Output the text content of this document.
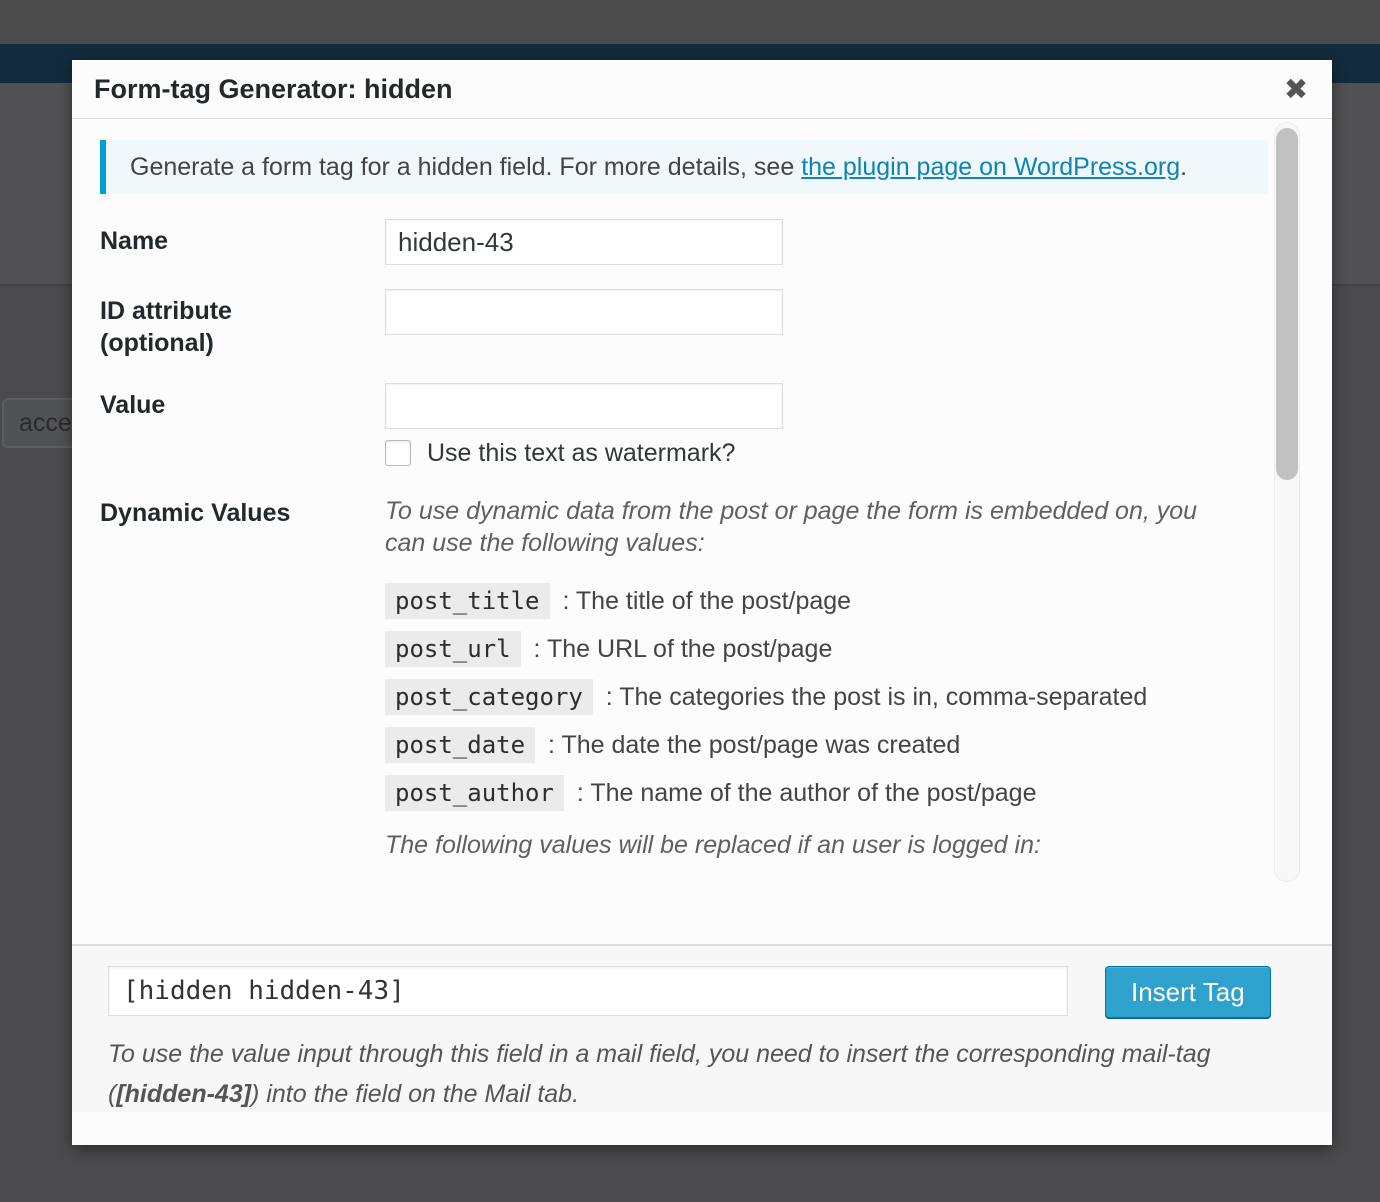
acce
Form-tag Generator: hidden	✖
Generate a form tag for a hidden field. For more details, see the plugin page on WordPress.org.
Name
hidden-43
ID attribute (optional)
Value
Use this text as watermark?
Dynamic Values	To use dynamic data from the post or page the form is embedded on, you can use the following values:
post_title : The title of the post/page
post_url : The URL of the post/page
post_category : The categories the post is in, comma-separated
post_date : The date the post/page was created
post_author : The name of the author of the post/page
The following values will be replaced if an user is logged in:
[hidden hidden-43]
Insert Tag
To use the value input through this field in a mail field, you need to insert the corresponding mail-tag ([hidden-43]) into the field on the Mail tab.
